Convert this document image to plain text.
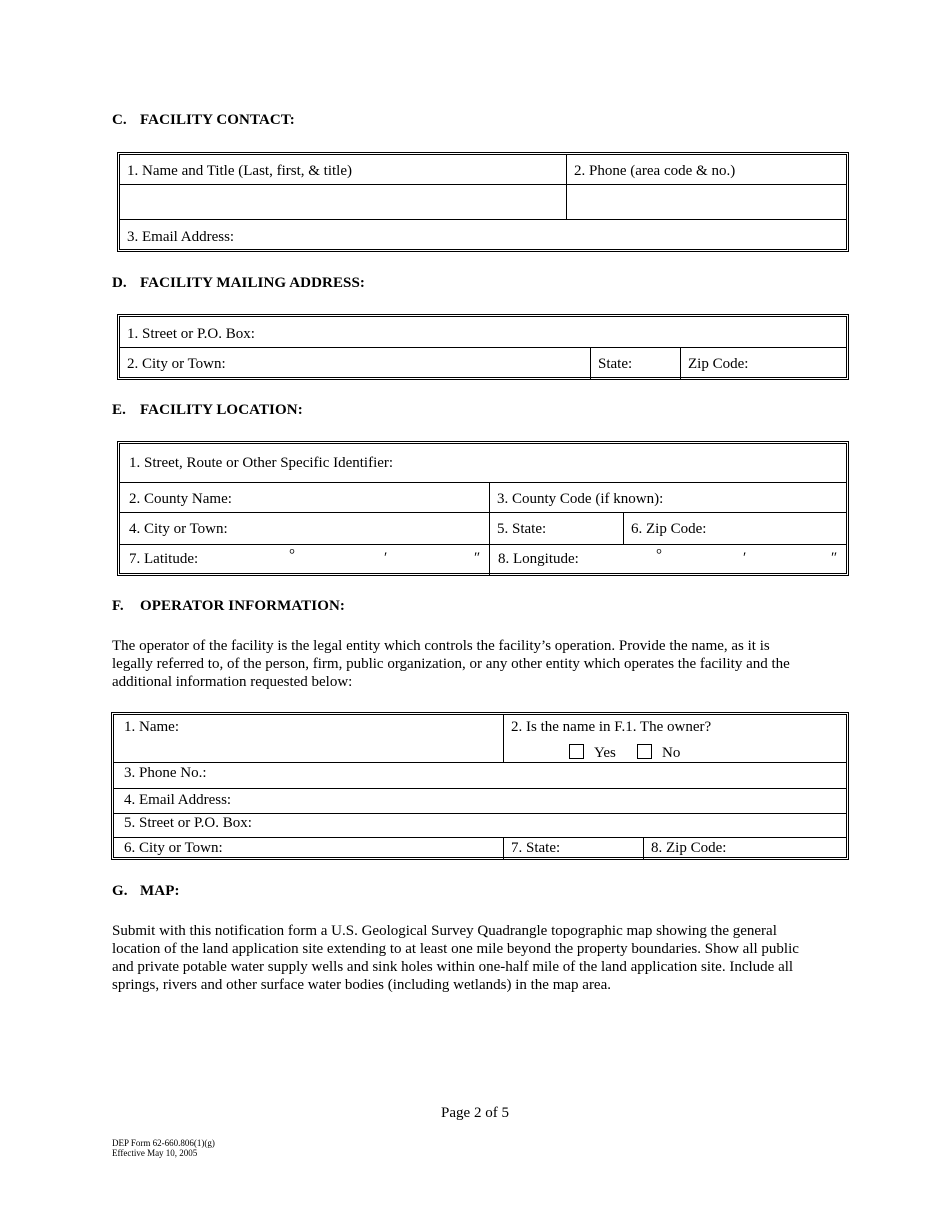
C. FACILITY CONTACT:
1. Name and Title (Last, first, & title)	2. Phone (area code & no.)
3. Email Address:
D. FACILITY MAILING ADDRESS:
1. Street or P.O. Box:
2. City or Town:	State:	Zip Code:
E. FACILITY LOCATION:
1. Street, Route or Other Specific Identifier:
2. County Name:	3. County Code (if known):
4. City or Town:	5. State:	6. Zip Code:
7. Latitude:	°	′	″	8. Longitude:	°	′	″
F. OPERATOR INFORMATION:
The operator of the facility is the legal entity which controls the facility’s operation. Provide the name, as it is
legally referred to, of the person, firm, public organization, or any other entity which operates the facility and the
additional information requested below:
1. Name:	2. Is the name in F.1. The owner?
Yes	No
3. Phone No.:
4. Email Address:
5. Street or P.O. Box:
6. City or Town:	7. State:	8. Zip Code:
G. MAP:
Submit with this notification form a U.S. Geological Survey Quadrangle topographic map showing the general
location of the land application site extending to at least one mile beyond the property boundaries. Show all public
and private potable water supply wells and sink holes within one-half mile of the land application site. Include all
springs, rivers and other surface water bodies (including wetlands) in the map area.
Page 2 of 5
DEP Form 62-660.806(1)(g)
Effective May 10, 2005
